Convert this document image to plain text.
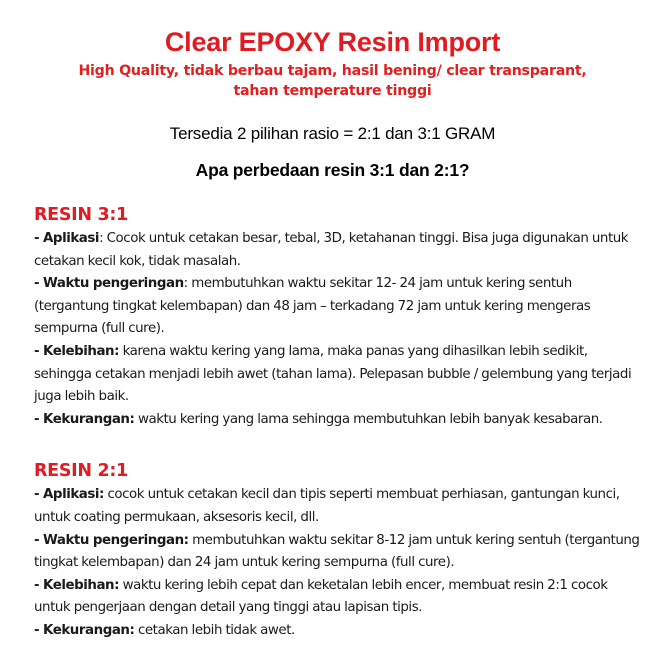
Clear EPOXY Resin Import
High Quality, tidak berbau tajam, hasil bening/ clear transparant,
tahan temperature tinggi
Tersedia 2 pilihan rasio = 2:1 dan 3:1 GRAM
Apa perbedaan resin 3:1 dan 2:1?
RESIN 3:1

- Aplikasi: Cocok untuk cetakan besar, tebal, 3D, ketahanan tinggi. Bisa juga digunakan untuk cetakan kecil kok, tidak masalah.

- Waktu pengeringan: membutuhkan waktu sekitar 12- 24 jam untuk kering sentuh (tergantung tingkat kelembapan) dan 48 jam – terkadang 72 jam untuk kering mengeras sempurna (full cure).

- Kelebihan: karena waktu kering yang lama, maka panas yang dihasilkan lebih sedikit, sehingga cetakan menjadi lebih awet (tahan lama). Pelepasan bubble / gelembung yang terjadi juga lebih baik.

- Kekurangan: waktu kering yang lama sehingga membutuhkan lebih banyak kesabaran.

RESIN 2:1

- Aplikasi: cocok untuk cetakan kecil dan tipis seperti membuat perhiasan, gantungan kunci, untuk coating permukaan, aksesoris kecil, dll.

- Waktu pengeringan: membutuhkan waktu sekitar 8-12 jam untuk kering sentuh (tergantung tingkat kelembapan) dan 24 jam untuk kering sempurna (full cure).

- Kelebihan: waktu kering lebih cepat dan keketalan lebih encer, membuat resin 2:1 cocok untuk pengerjaan dengan detail yang tinggi atau lapisan tipis.

- Kekurangan: cetakan lebih tidak awet.
